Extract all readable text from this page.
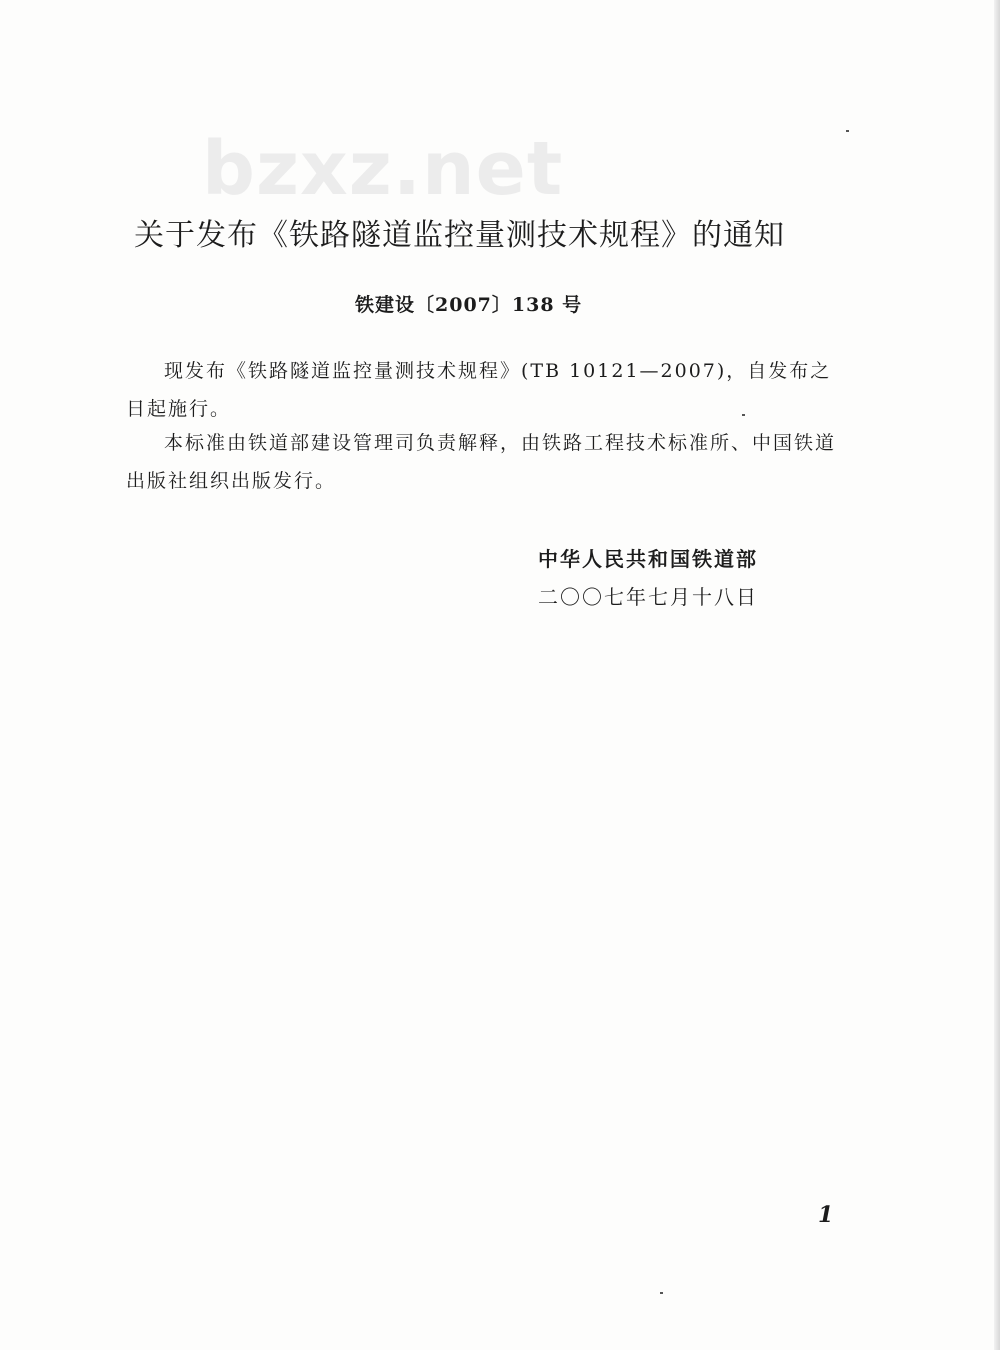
bzxz.net
关于发布《铁路隧道监控量测技术规程》的通知
铁建设〔2007〕138 号
现发布《铁路隧道监控量测技术规程》(TB 10121—2007)，自发布之日起施行。
本标准由铁道部建设管理司负责解释，由铁路工程技术标准所、中国铁道出版社组织出版发行。
中华人民共和国铁道部
二〇〇七年七月十八日
1
